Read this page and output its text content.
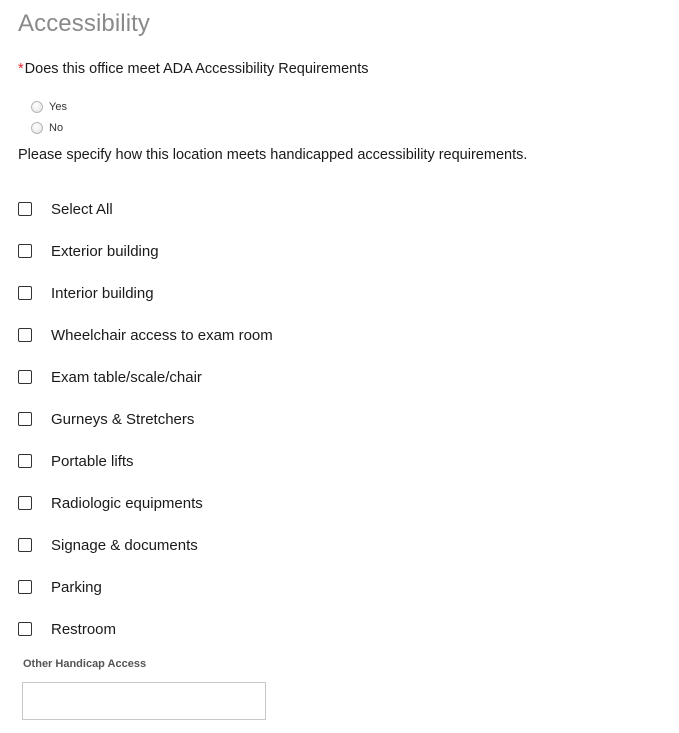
Accessibility
*Does this office meet ADA Accessibility Requirements
Yes
No
Please specify how this location meets handicapped accessibility requirements.
Select All
Exterior building
Interior building
Wheelchair access to exam room
Exam table/scale/chair
Gurneys & Stretchers
Portable lifts
Radiologic equipments
Signage & documents
Parking
Restroom
Other Handicap Access
